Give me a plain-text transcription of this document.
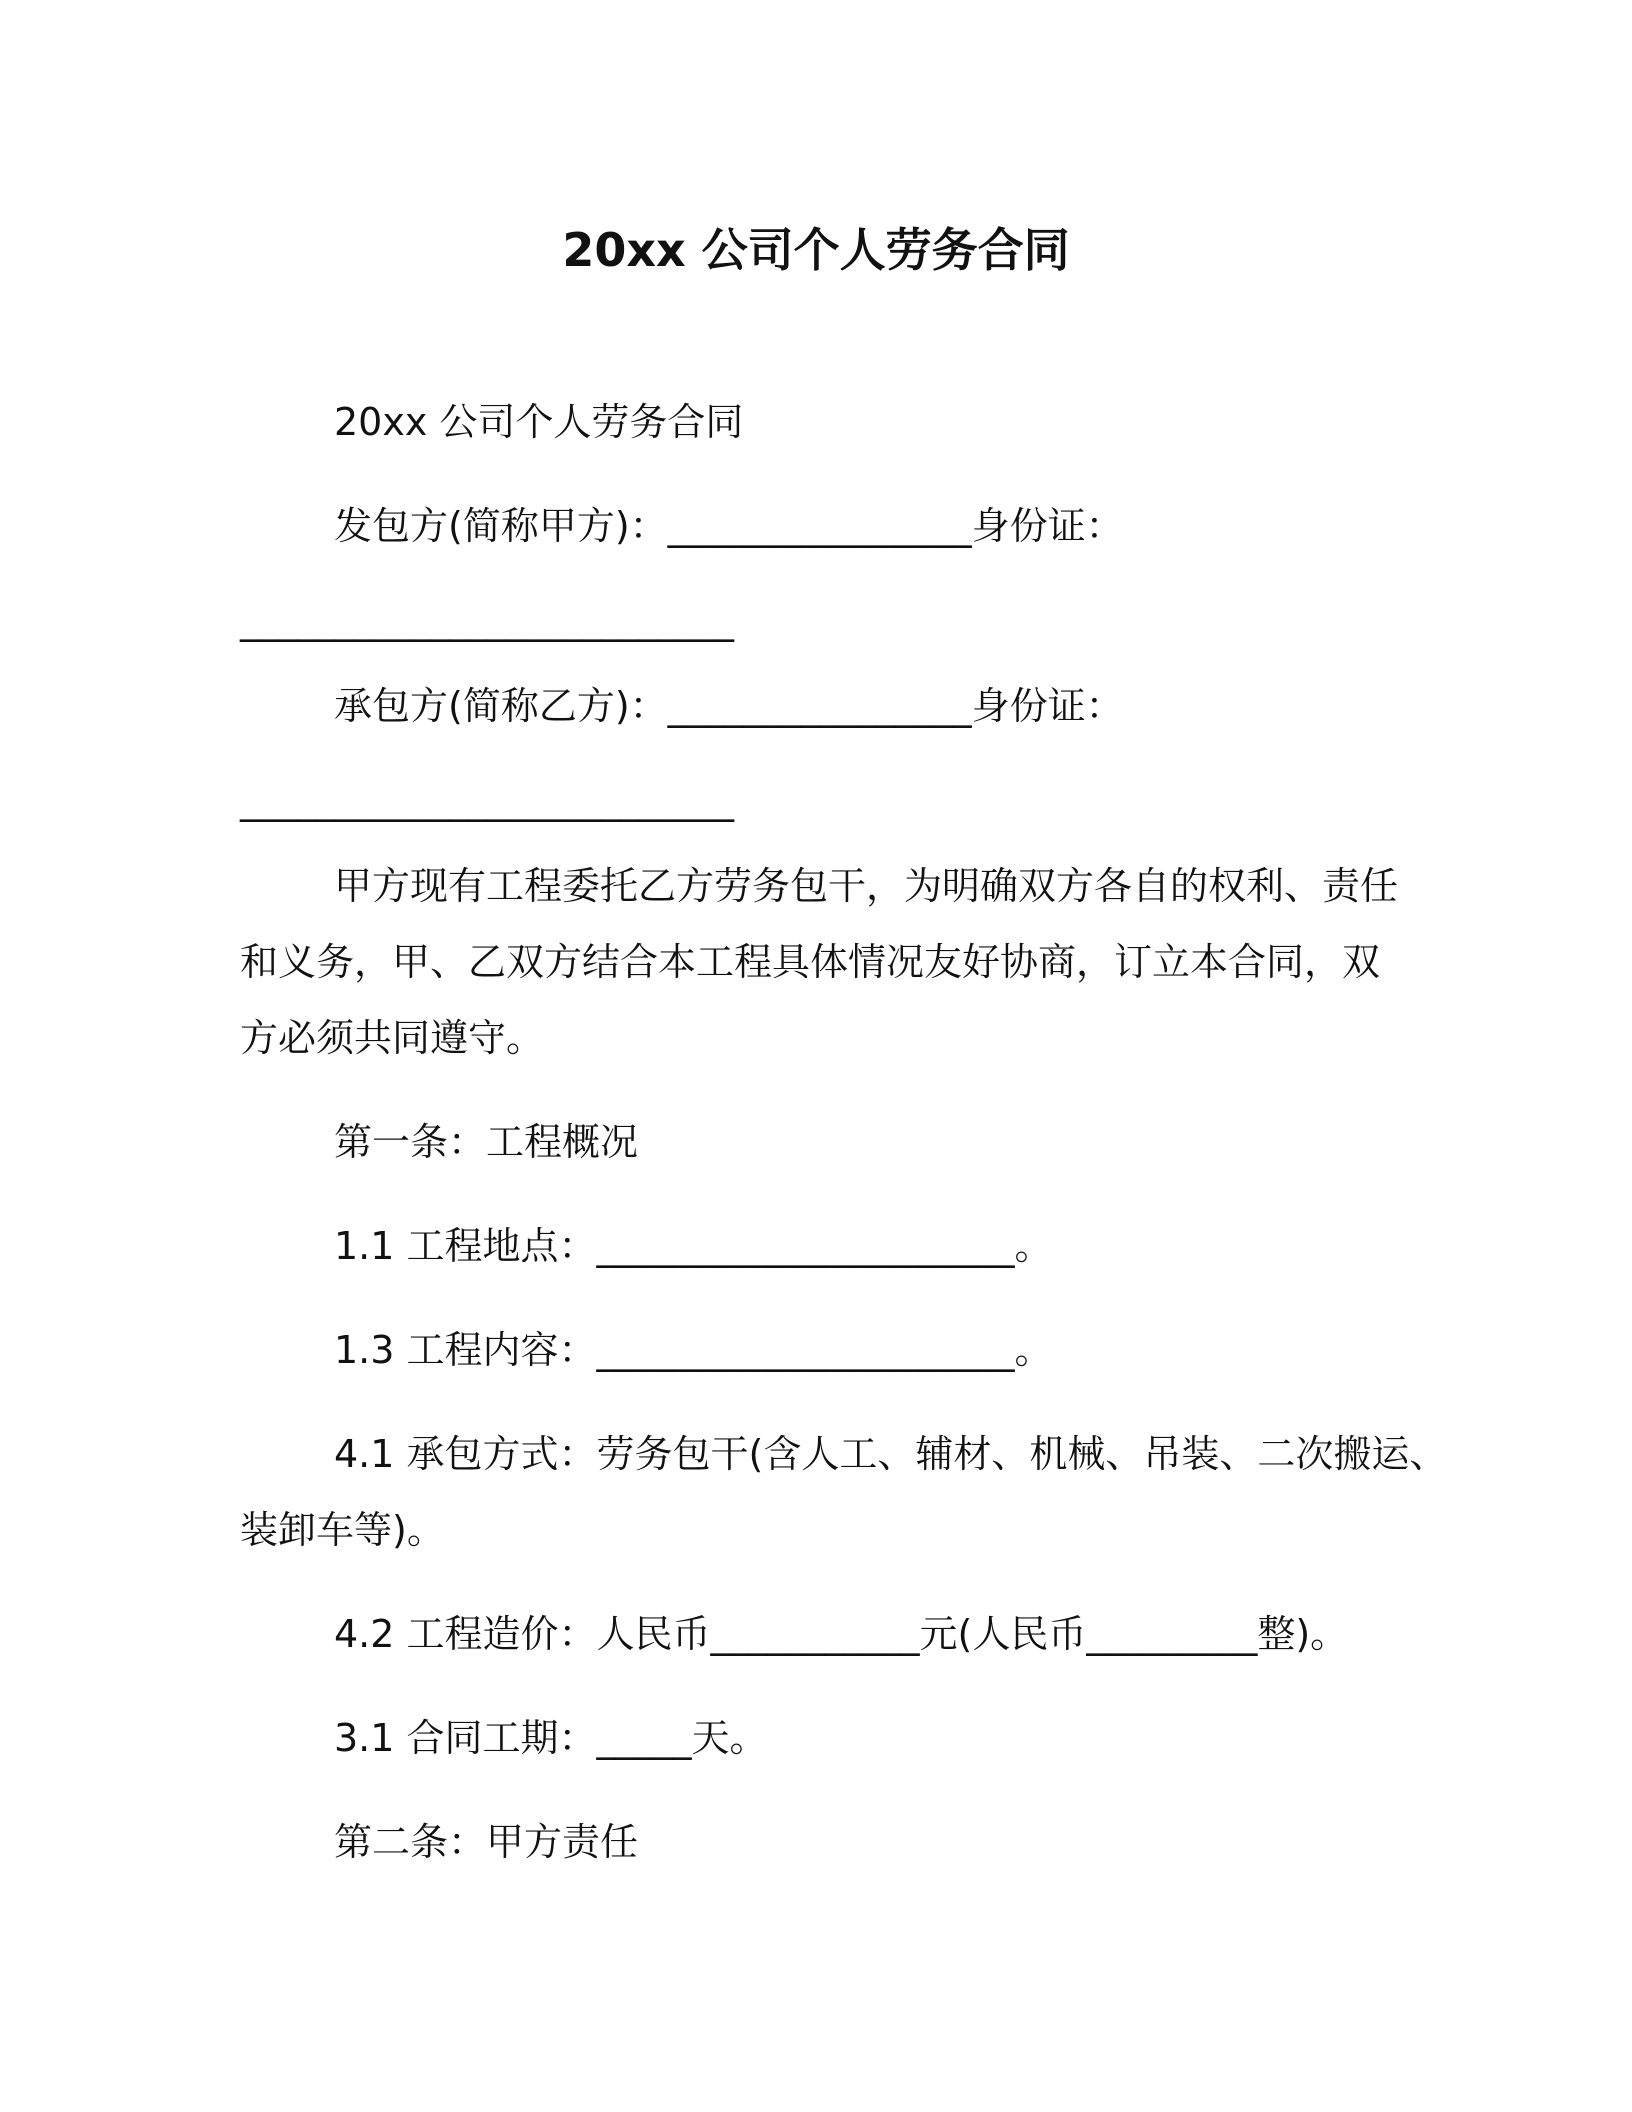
20xx 公司个人劳务合同
20xx 公司个人劳务合同
发包方(简称甲方)：________________身份证：
__________________________
承包方(简称乙方)：________________身份证：
__________________________
甲方现有工程委托乙方劳务包干，为明确双方各自的权利、责任
和义务，甲、乙双方结合本工程具体情况友好协商，订立本合同，双
方必须共同遵守。
第一条：工程概况
1.1 工程地点：______________________。
1.3 工程内容：______________________。
4.1 承包方式：劳务包干(含人工、辅材、机械、吊装、二次搬运、
装卸车等)。
4.2 工程造价：人民币___________元(人民币_________整)。
3.1 合同工期：_____天。
第二条：甲方责任
